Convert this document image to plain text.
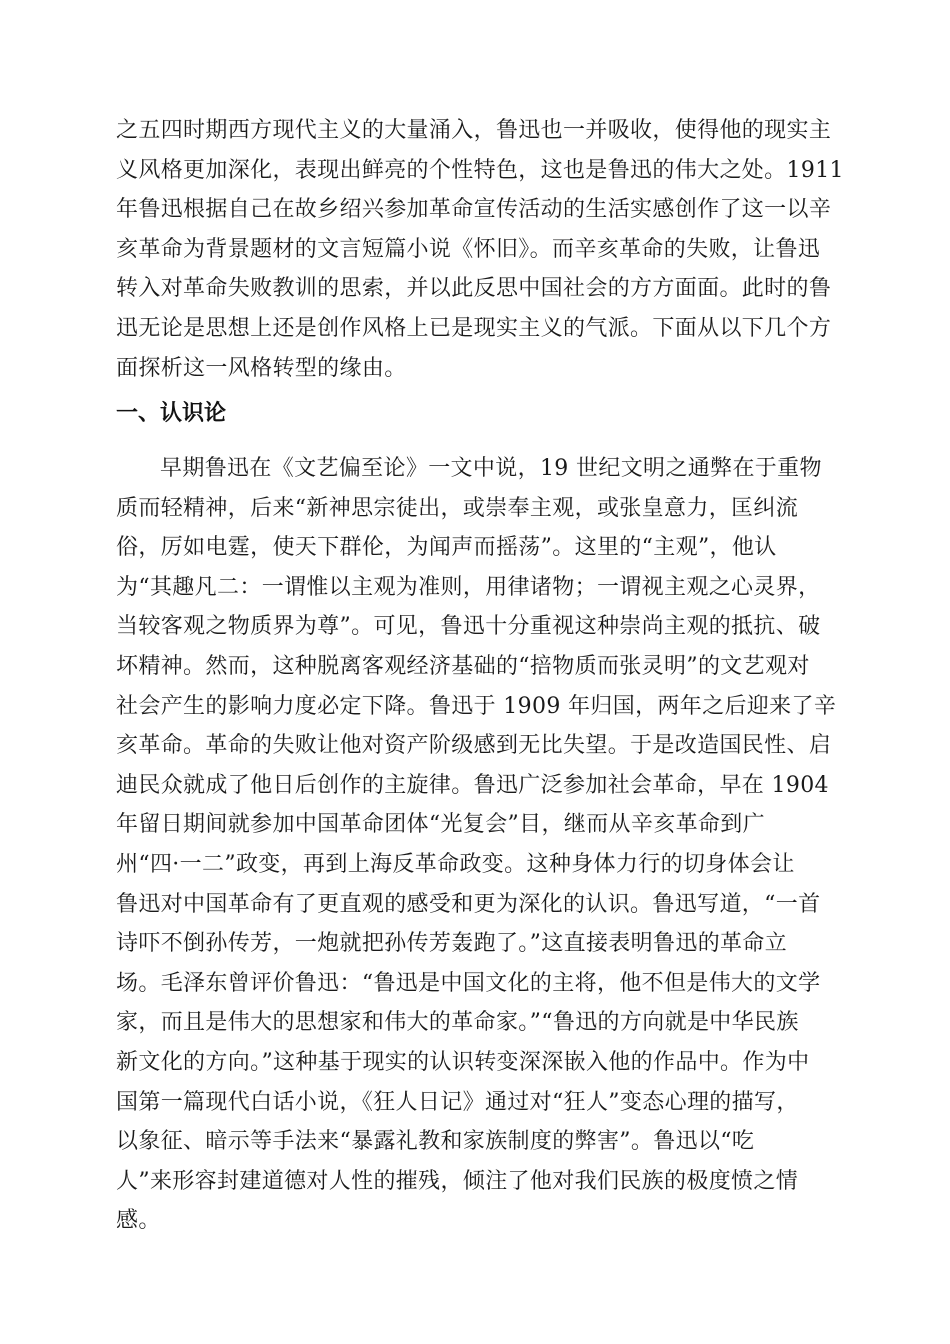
之五四时期西方现代主义的大量涌入，鲁迅也一并吸收，使得他的现实主
义风格更加深化，表现出鲜亮的个性特色，这也是鲁迅的伟大之处。1911
年鲁迅根据自己在故乡绍兴参加革命宣传活动的生活实感创作了这一以辛
亥革命为背景题材的文言短篇小说《怀旧》。而辛亥革命的失败，让鲁迅
转入对革命失败教训的思索，并以此反思中国社会的方方面面。此时的鲁
迅无论是思想上还是创作风格上已是现实主义的气派。下面从以下几个方
面探析这一风格转型的缘由。
一、认识论
早期鲁迅在《文艺偏至论》一文中说，19 世纪文明之通弊在于重物
质而轻精神，后来“新神思宗徒出，或崇奉主观，或张皇意力，匡纠流
俗，厉如电霆，使天下群伦，为闻声而摇荡”。这里的“主观”，他认
为“其趣凡二：一谓惟以主观为准则，用律诸物；一谓视主观之心灵界，
当较客观之物质界为尊”。可见，鲁迅十分重视这种崇尚主观的抵抗、破
坏精神。然而，这种脱离客观经济基础的“掊物质而张灵明”的文艺观对
社会产生的影响力度必定下降。鲁迅于 1909 年归国，两年之后迎来了辛
亥革命。革命的失败让他对资产阶级感到无比失望。于是改造国民性、启
迪民众就成了他日后创作的主旋律。鲁迅广泛参加社会革命，早在 1904
年留日期间就参加中国革命团体“光复会”目，继而从辛亥革命到广
州“四·一二”政变，再到上海反革命政变。这种身体力行的切身体会让
鲁迅对中国革命有了更直观的感受和更为深化的认识。鲁迅写道，“一首
诗吓不倒孙传芳，一炮就把孙传芳轰跑了。”这直接表明鲁迅的革命立
场。毛泽东曾评价鲁迅：“鲁迅是中国文化的主将，他不但是伟大的文学
家，而且是伟大的思想家和伟大的革命家。”“鲁迅的方向就是中华民族
新文化的方向。”这种基于现实的认识转变深深嵌入他的作品中。作为中
国第一篇现代白话小说，《狂人日记》通过对“狂人”变态心理的描写，
以象征、暗示等手法来“暴露礼教和家族制度的弊害”。鲁迅以“吃
人”来形容封建道德对人性的摧残，倾注了他对我们民族的极度愤之情
感。
